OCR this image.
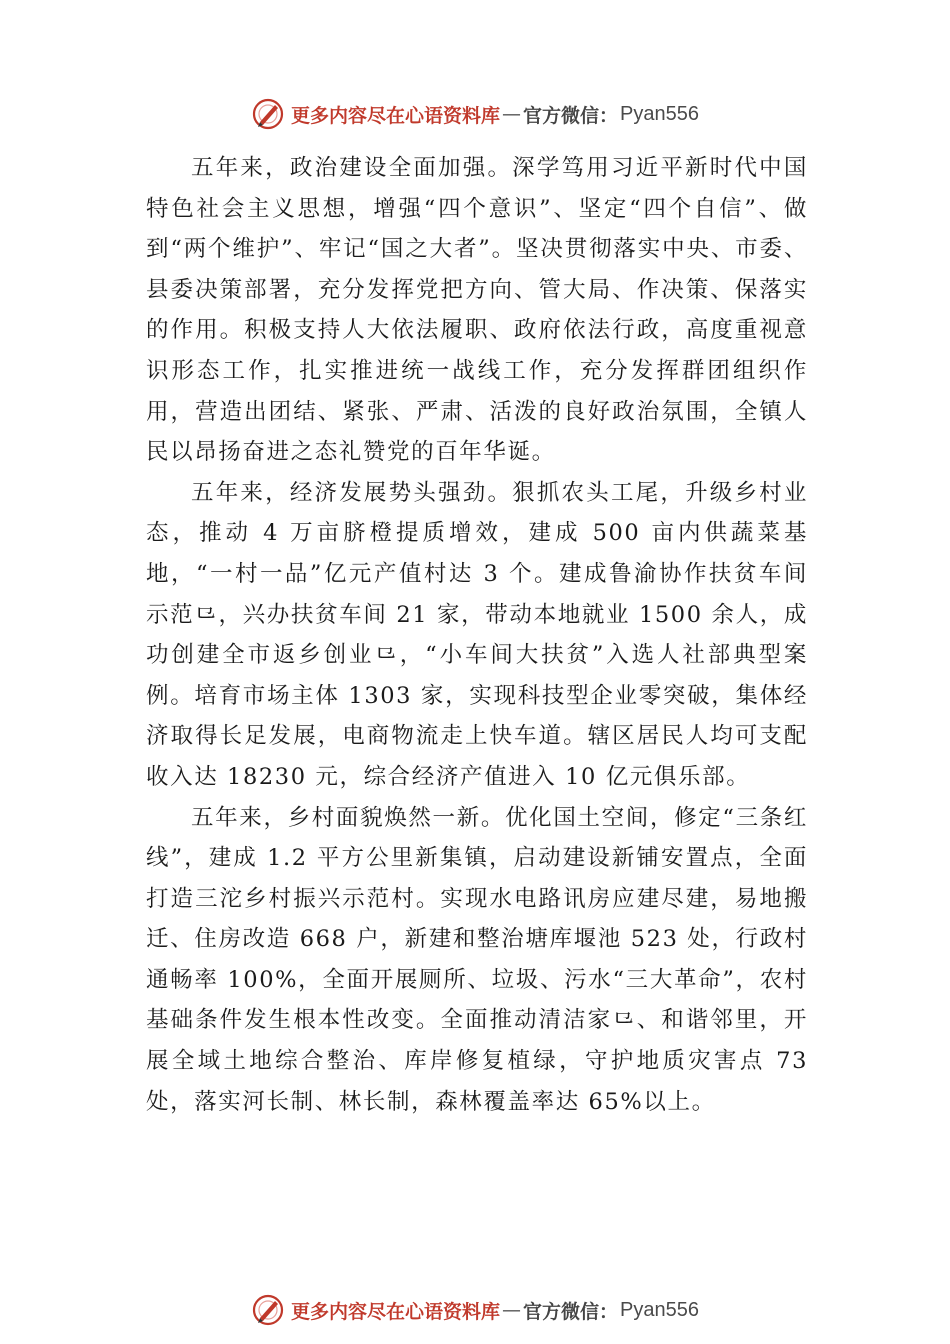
更多内容尽在心语资料库 — 官方微信： Pyan556

五年来，政治建设全面加强。深学笃用习近平新时代中国特色社会主义思想，增强“四个意识”、坚定“四个自信”、做到“两个维护”、牢记“国之大者”。坚决贯彻落实中央、市委、县委决策部署，充分发挥党把方向、管大局、作决策、保落实的作用。积极支持人大依法履职、政府依法行政，高度重视意识形态工作，扎实推进统一战线工作，充分发挥群团组织作用，营造出团结、紧张、严肃、活泼的良好政治氛围，全镇人民以昂扬奋进之态礼赞党的百年华诞。

五年来，经济发展势头强劲。狠抓农头工尾，升级乡村业态，推动 4 万亩脐橙提质增效，建成 500 亩内供蔬菜基地，“一村一品”亿元产值村达 3 个。建成鲁渝协作扶贫车间示范⺋，兴办扶贫车间 21 家，带动本地就业 1500 余人，成功创建全市返乡创业⺋，“小车间大扶贫”入选人社部典型案例。培育市场主体 1303 家，实现科技型企业零突破，集体经济取得长足发展，电商物流走上快车道。辖区居民人均可支配收入达 18230 元，综合经济产值进入 10 亿元俱乐部。

五年来，乡村面貌焕然一新。优化国土空间，修定“三条红线”，建成 1.2 平方公里新集镇，启动建设新铺安置点，全面打造三沱乡村振兴示范村。实现水电路讯房应建尽建，易地搬迁、住房改造 668 户，新建和整治塘库堰池 523 处，行政村通畅率 100%，全面开展厕所、垃圾、污水“三大革命”，农村基础条件发生根本性改变。全面推动清洁家⺋、和谐邻里，开展全域土地综合整治、库岸修复植绿，守护地质灾害点 73 处，落实河长制、林长制，森林覆盖率达 65%以上。

更多内容尽在心语资料库 — 官方微信： Pyan556
